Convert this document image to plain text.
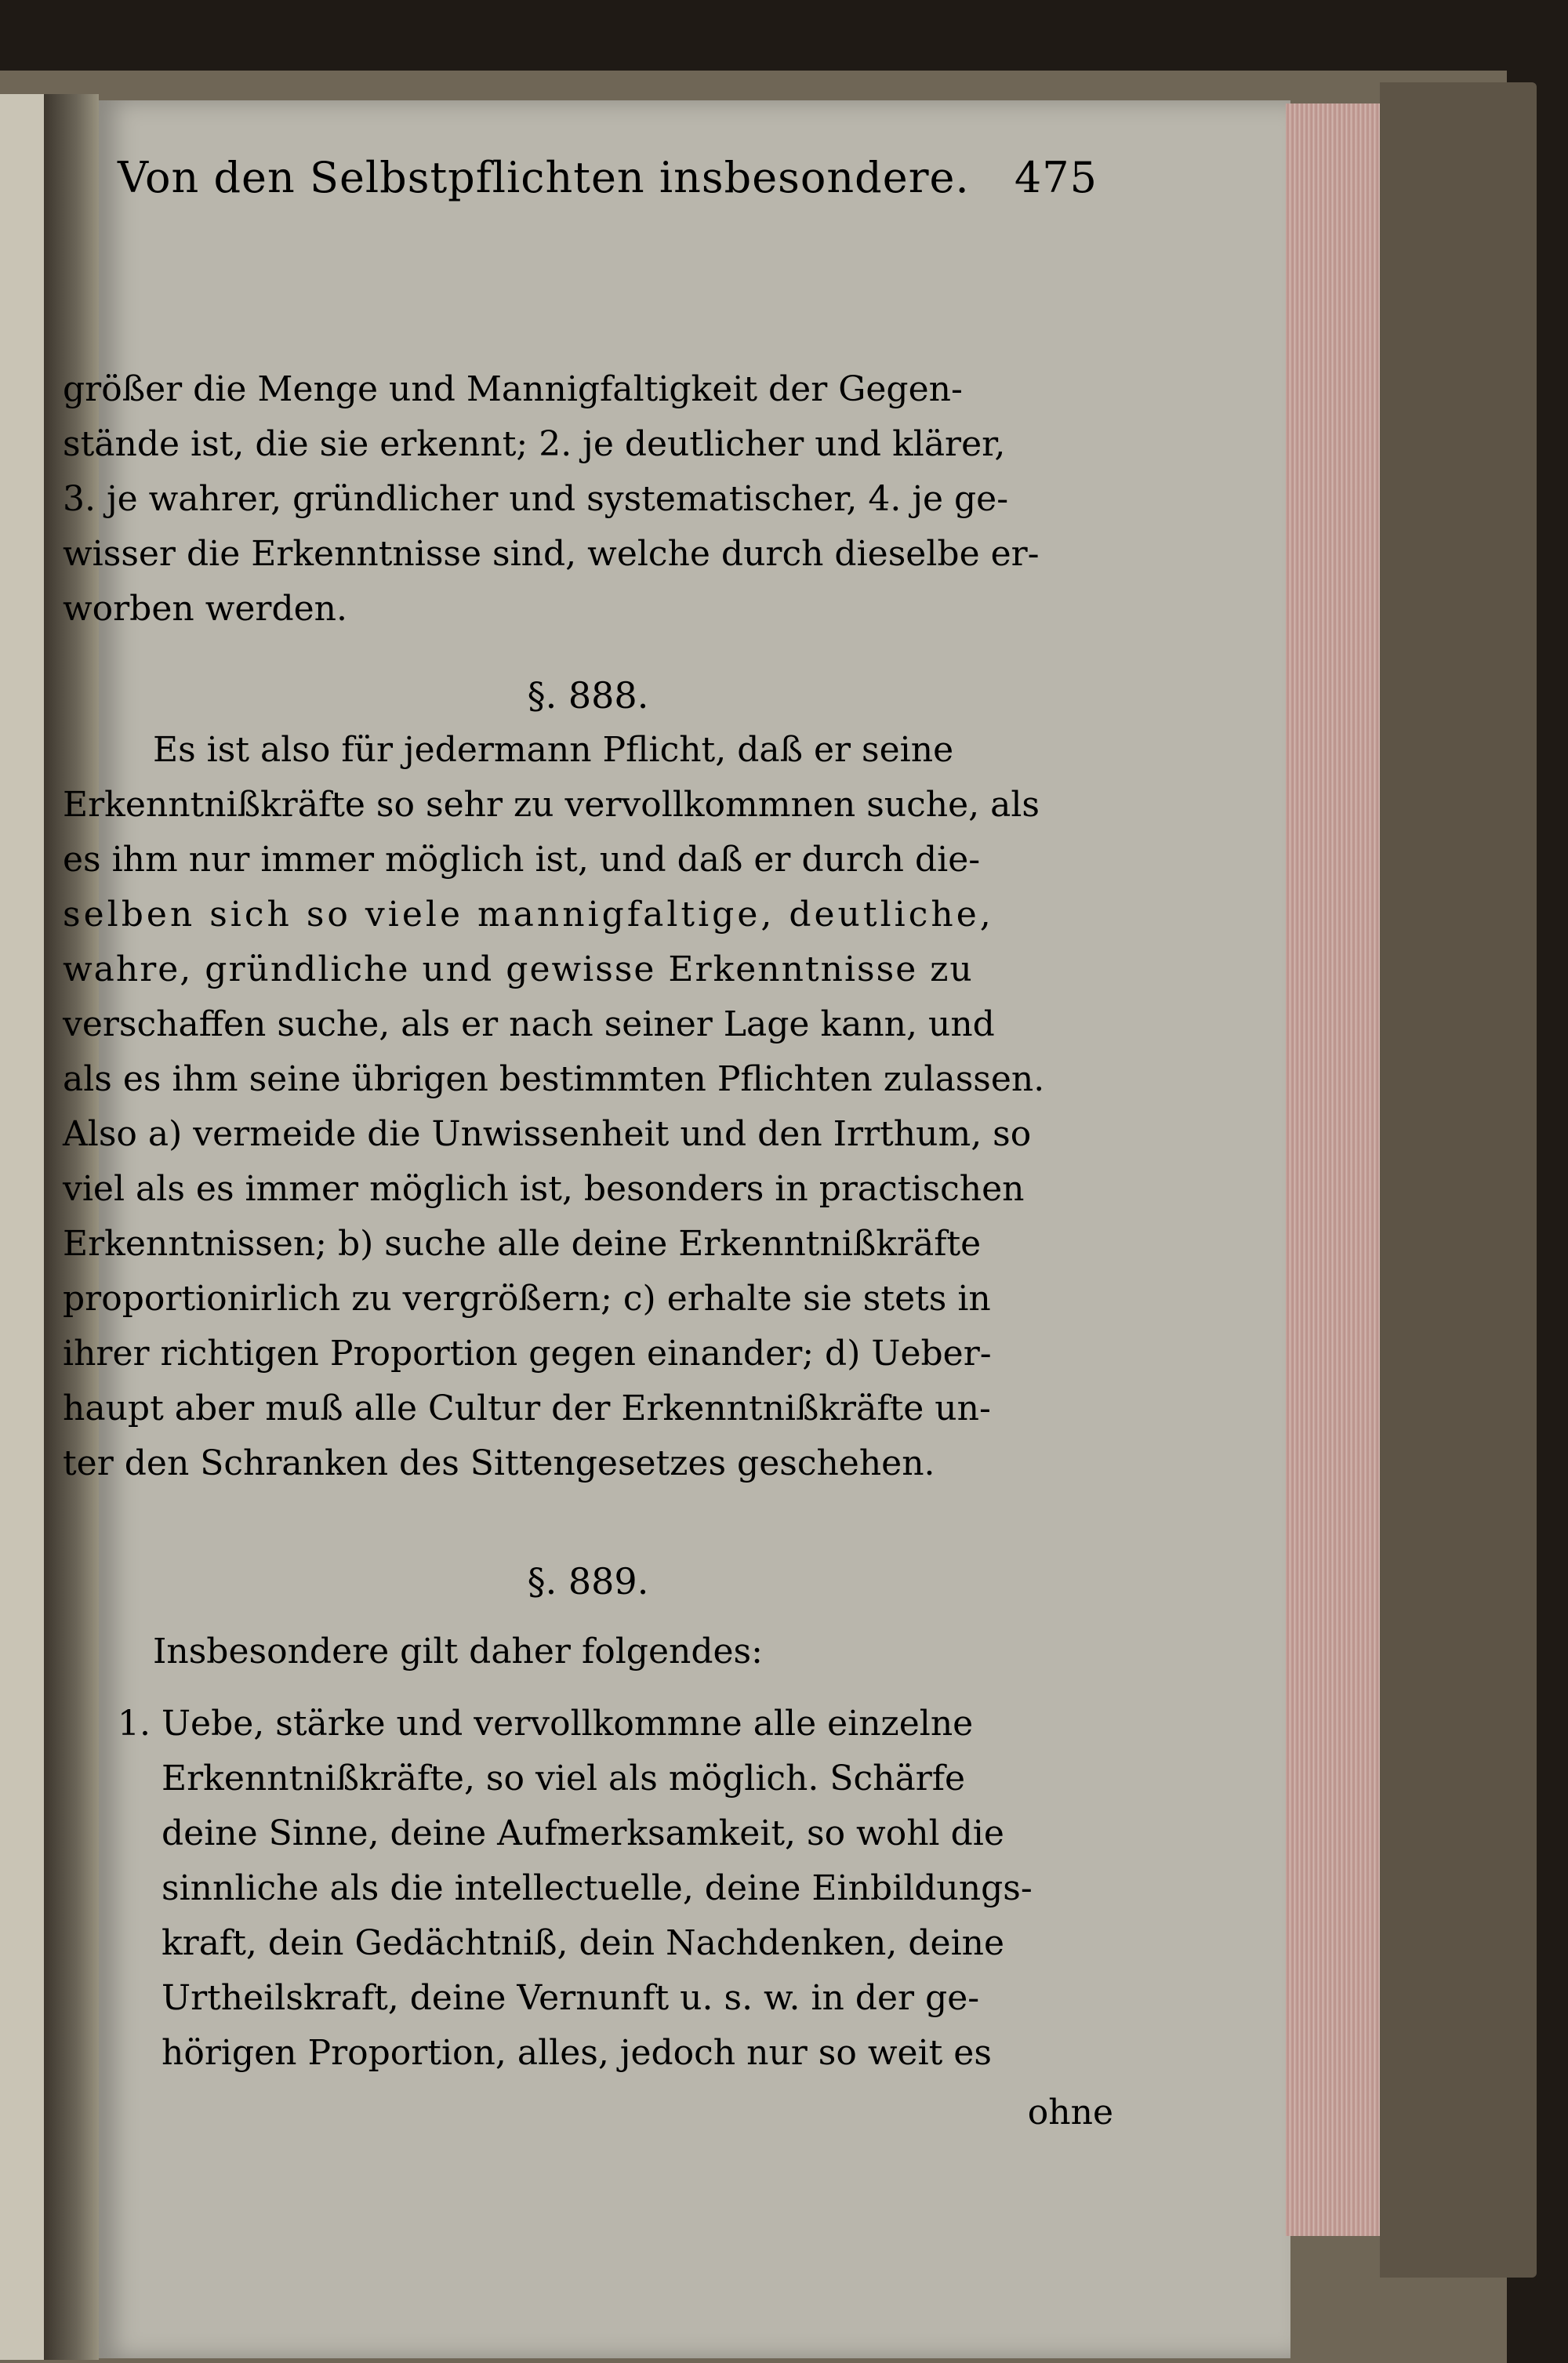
Von den Selbstpflichten insbesondere. 475
größer die Menge und Mannigfaltigkeit der Gegen-
stände ist, die sie erkennt; 2. je deutlicher und klärer,
3. je wahrer, gründlicher und systematischer, 4. je ge-
wisser die Erkenntnisse sind, welche durch dieselbe er-
worben werden.
§. 888.
Es ist also für jedermann Pflicht, daß er seine
Erkenntnißkräfte so sehr zu vervollkommnen suche, als
es ihm nur immer möglich ist, und daß er durch die-
selben sich so viele mannigfaltige, deutliche,
wahre, gründliche und gewisse Erkenntnisse zu
verschaffen suche, als er nach seiner Lage kann, und
als es ihm seine übrigen bestimmten Pflichten zulassen.
Also a) vermeide die Unwissenheit und den Irrthum, so
viel als es immer möglich ist, besonders in practischen
Erkenntnissen; b) suche alle deine Erkenntnißkräfte
proportionirlich zu vergrößern; c) erhalte sie stets in
ihrer richtigen Proportion gegen einander; d) Ueber-
haupt aber muß alle Cultur der Erkenntnißkräfte un-
ter den Schranken des Sittengesetzes geschehen.
§. 889.
Insbesondere gilt daher folgendes:
1. Uebe, stärke und vervollkommne alle einzelne
Erkenntnißkräfte, so viel als möglich. Schärfe
deine Sinne, deine Aufmerksamkeit, so wohl die
sinnliche als die intellectuelle, deine Einbildungs-
kraft, dein Gedächtniß, dein Nachdenken, deine
Urtheilskraft, deine Vernunft u. s. w. in der ge-
hörigen Proportion, alles, jedoch nur so weit es
ohne
